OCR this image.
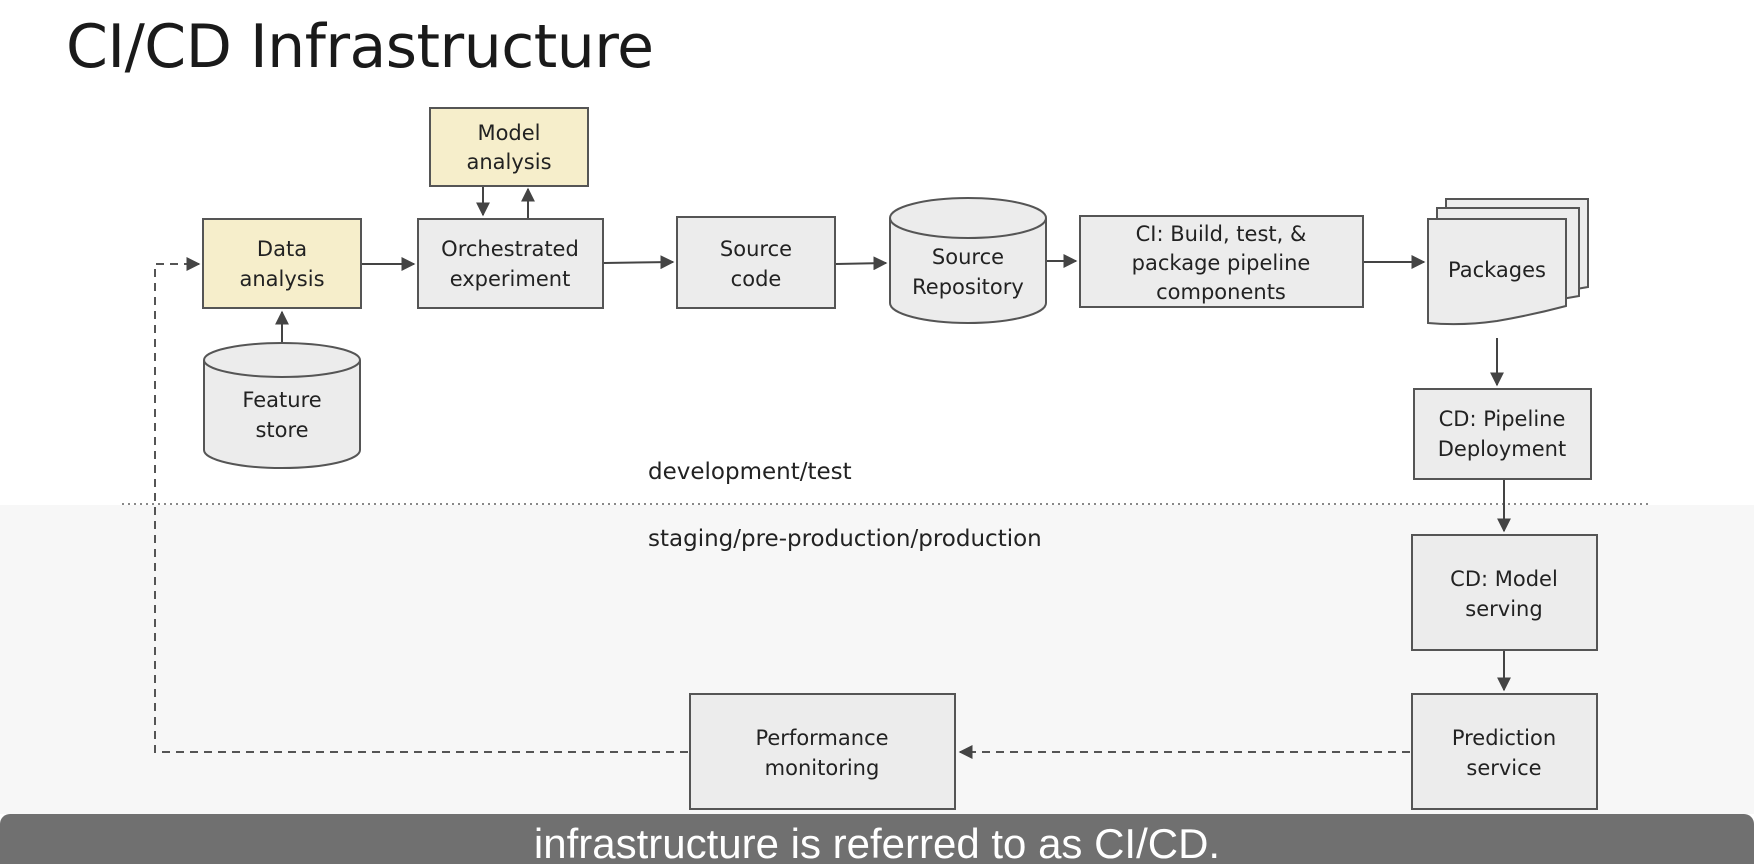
CI/CD Infrastructure
development/test
staging/pre-production/production
Model
analysis
Data
analysis
Orchestrated
experiment
Source
code
Source
Repository
CI: Build, test, &
package pipeline
components
Packages
Feature
store	CD: Pipeline
Deployment
CD: Model
serving
Prediction
service
Performance
monitoring
infrastructure is referred to as CI/CD.
